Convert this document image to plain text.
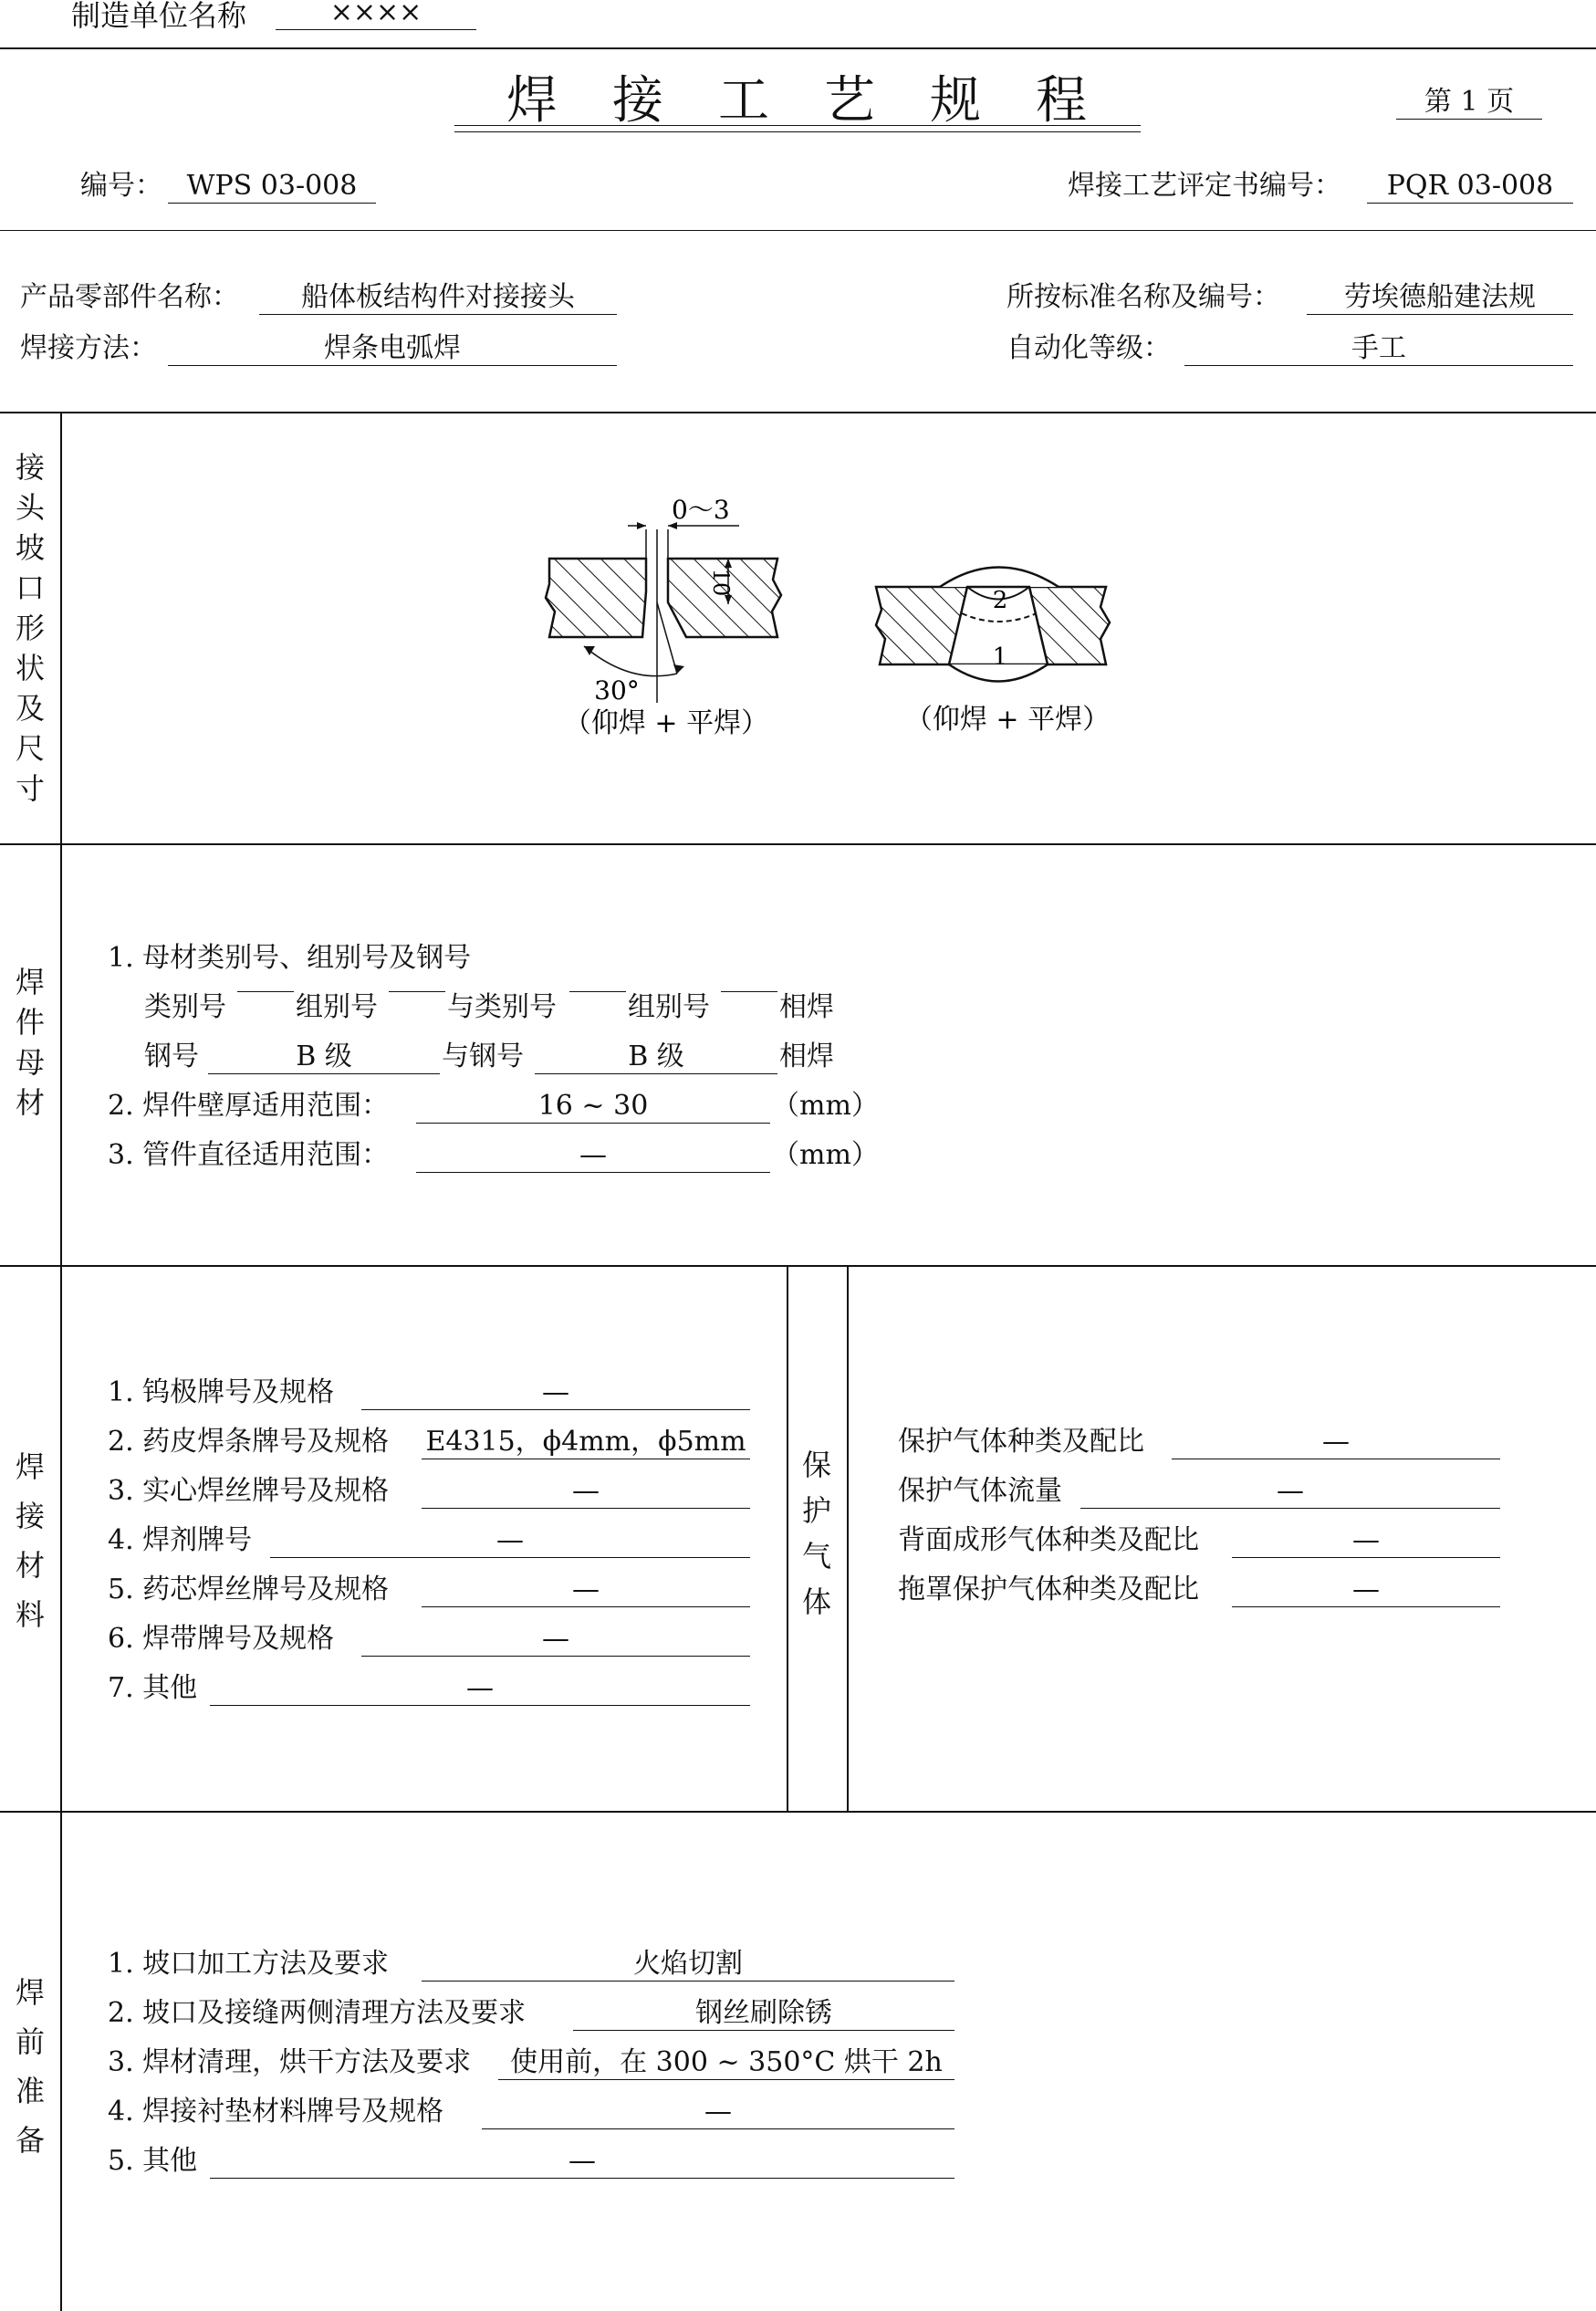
制造单位名称	××××
焊接工艺规程	第 1 页
编号： WPS 03-008	焊接工艺评定书编号：	PQR 03-008
产品零部件名称：	船体板结构件对接接头	所按标准名称及编号：	劳埃德船建法规
焊接方法：	焊条电弧焊	自动化等级：	手工
接头坡口形状及尺寸
焊件母材
焊接材料
保护气体
焊前准备
0～3
10
30°
（仰焊 + 平焊）
2
1
（仰焊 + 平焊）
1. 母材类别号、组别号及钢号
类别号	组别号	与类别号	组别号	相焊
钢号	B 级	与钢号	B 级	相焊
2. 焊件壁厚适用范围：	16 ~ 30	（mm）
3. 管件直径适用范围：	—	（mm）
1. 钨极牌号及规格	—
2. 药皮焊条牌号及规格 E4315，ϕ4mm，ϕ5mm
3. 实心焊丝牌号及规格	—
4. 焊剂牌号	—
5. 药芯焊丝牌号及规格	—
6. 焊带牌号及规格	—
7. 其他	—
保护气体种类及配比	—
保护气体流量	—
背面成形气体种类及配比	—
拖罩保护气体种类及配比	—
1. 坡口加工方法及要求	火焰切割
2. 坡口及接缝两侧清理方法及要求	钢丝刷除锈
3. 焊材清理，烘干方法及要求	使用前，在 300 ~ 350°C 烘干 2h
4. 焊接衬垫材料牌号及规格	—
5. 其他	—
